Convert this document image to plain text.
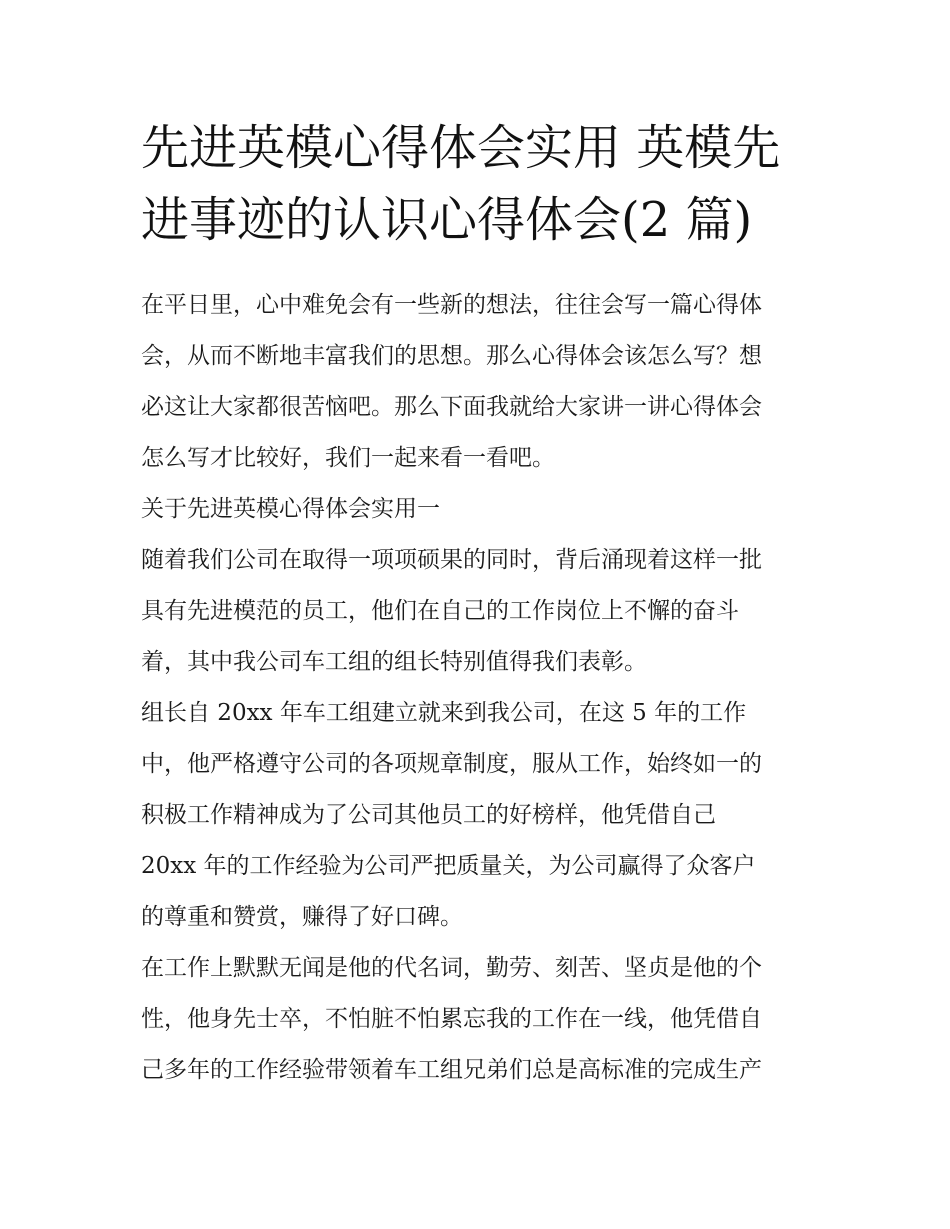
先进英模心得体会实用 英模先
进事迹的认识心得体会(2 篇)
在平日里，心中难免会有一些新的想法，往往会写一篇心得体
会，从而不断地丰富我们的思想。那么心得体会该怎么写？想
必这让大家都很苦恼吧。那么下面我就给大家讲一讲心得体会
怎么写才比较好，我们一起来看一看吧。
关于先进英模心得体会实用一
随着我们公司在取得一项项硕果的同时，背后涌现着这样一批
具有先进模范的员工，他们在自己的工作岗位上不懈的奋斗
着，其中我公司车工组的组长特别值得我们表彰。
组长自 20xx 年车工组建立就来到我公司，在这 5 年的工作
中，他严格遵守公司的各项规章制度，服从工作，始终如一的
积极工作精神成为了公司其他员工的好榜样，他凭借自己
20xx 年的工作经验为公司严把质量关，为公司赢得了众客户
的尊重和赞赏，赚得了好口碑。
在工作上默默无闻是他的代名词，勤劳、刻苦、坚贞是他的个
性，他身先士卒，不怕脏不怕累忘我的工作在一线，他凭借自
己多年的工作经验带领着车工组兄弟们总是高标准的完成生产
